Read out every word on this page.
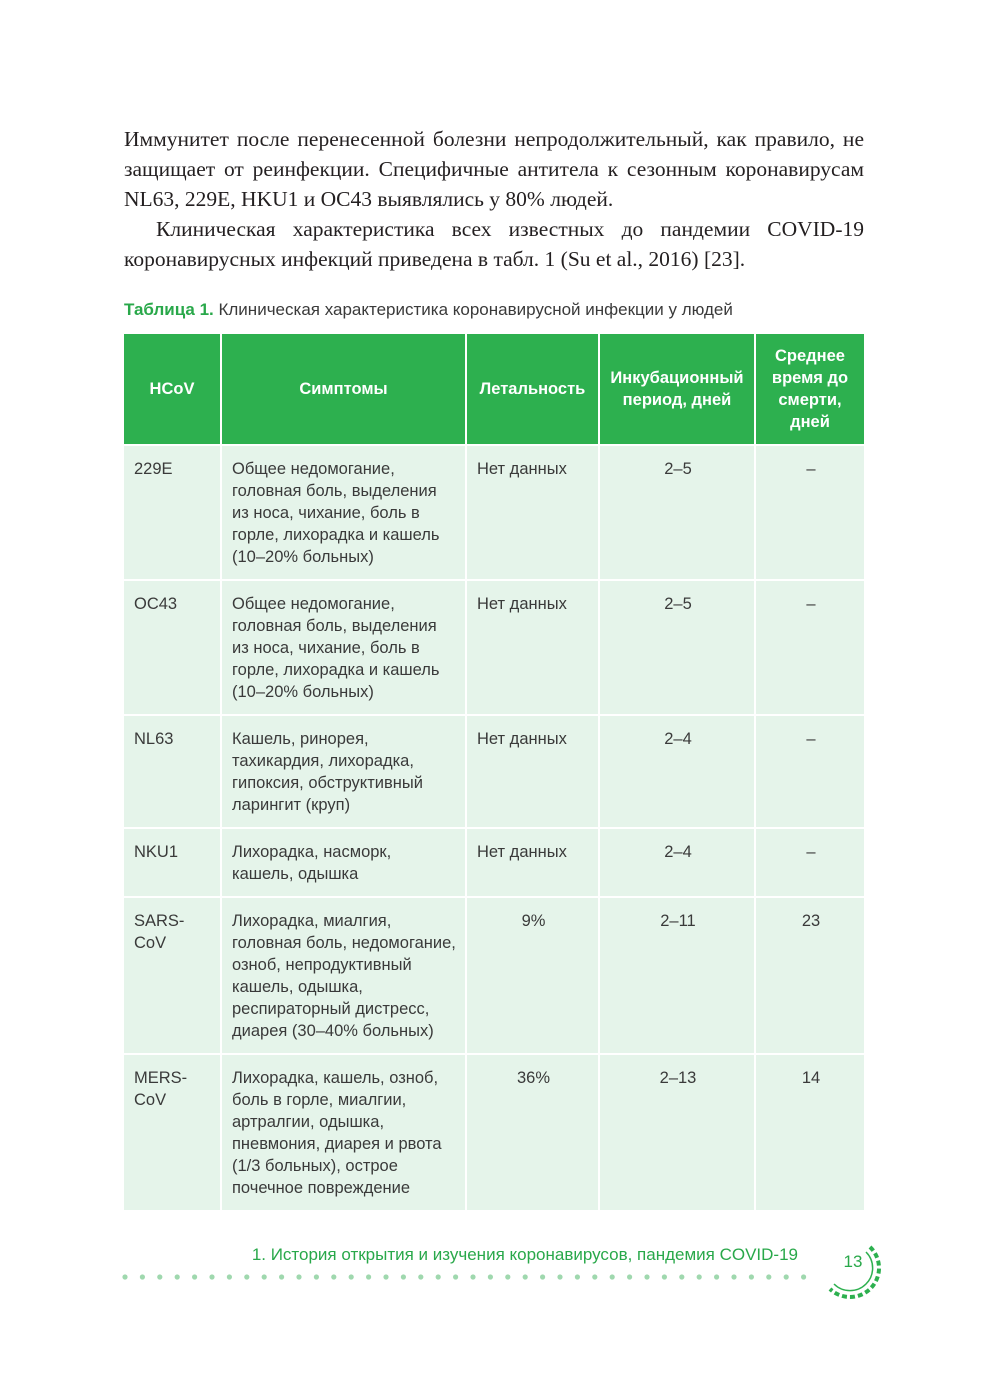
Иммунитет после перенесенной болезни непродолжительный, как правило, не защищает от реинфекции. Специфичные антитела к сезонным коронавирусам NL63, 229E, HKU1 и OC43 выявлялись у 80% людей.

Клиническая характеристика всех известных до пандемии COVID-19 коронавирусных инфекций приведена в табл. 1 (Su et al., 2016) [23].

Таблица 1. Клиническая характеристика коронавирусной инфекции у людей
HCoV	Симптомы	Летальность	Инкубационный период, дней	Среднее время до смерти, дней
229E	Общее недомогание, головная боль, выделения из носа, чихание, боль в горле, лихорадка и кашель (10–20% больных)	Нет данных	2–5	–
OC43	Общее недомогание, головная боль, выделения из носа, чихание, боль в горле, лихорадка и кашель (10–20% больных)	Нет данных	2–5	–
NL63	Кашель, ринорея, тахикардия, лихорадка, гипоксия, обструктивный ларингит (круп)	Нет данных	2–4	–
NKU1	Лихорадка, насморк, кашель, одышка	Нет данных	2–4	–
SARS-CoV	Лихорадка, миалгия, головная боль, недомогание, озноб, непродуктивный кашель, одышка, респираторный дистресс, диарея (30–40% больных)	9%	2–11	23
MERS-CoV	Лихорадка, кашель, озноб, боль в горле, миалгии, артралгии, одышка, пневмония, диарея и рвота (1/3 больных), острое почечное повреждение	36%	2–13	14
1. История открытия и изучения коронавирусов, пандемия COVID-19	13
